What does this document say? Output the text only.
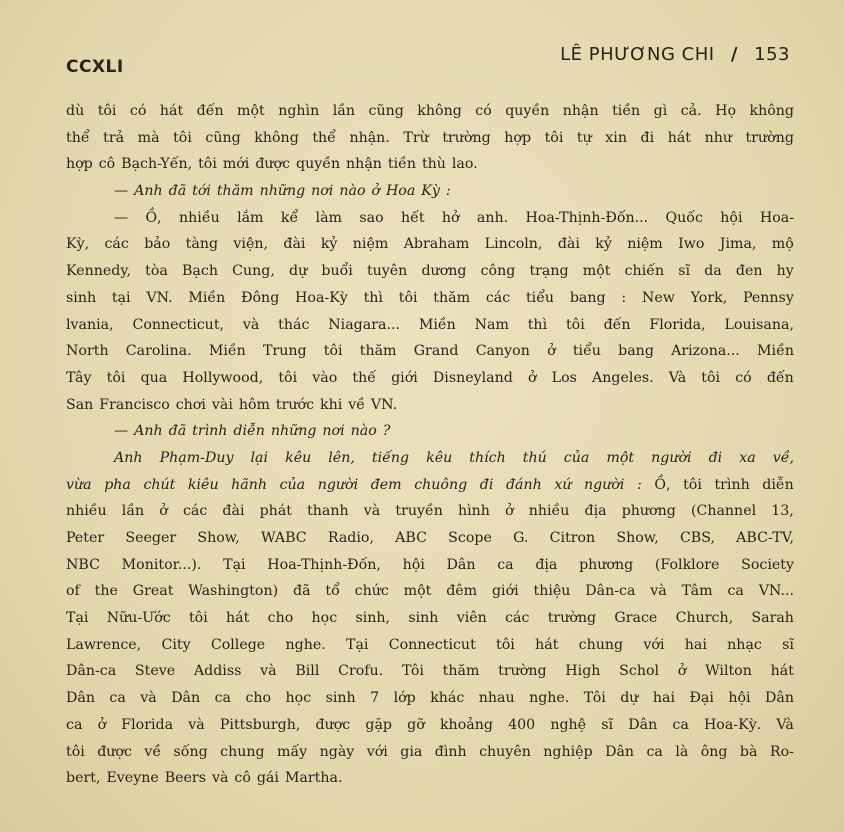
CCXLI
LÊ PHƯƠNG CHI / 153
dù tôi có hát đến một nghìn lần cũng không có quyền nhận tiền gì cả. Họ không
thể trả mà tôi cũng không thể nhận. Trừ trường hợp tôi tự xin đi hát như trường
hợp cô Bạch-Yến, tôi mới được quyền nhận tiền thù lao.
— Anh đã tới thăm những nơi nào ở Hoa Kỳ :
— Ồ, nhiều lắm kể làm sao hết hở anh. Hoa-Thịnh-Đốn... Quốc hội Hoa-
Kỳ, các bảo tàng viện, đài kỷ niệm Abraham Lincoln, đài kỷ niệm Iwo Jima, mộ
Kennedy, tòa Bạch Cung, dự buổi tuyên dương công trạng một chiến sĩ da đen hy
sinh tại VN. Miền Đông Hoa-Kỳ thì tôi thăm các tiểu bang : New York, Pennsy
lvania, Connecticut, và thác Niagara... Miền Nam thì tôi đến Florida, Louisana,
North Carolina. Miền Trung tôi thăm Grand Canyon ở tiểu bang Arizona... Miền
Tây tôi qua Hollywood, tôi vào thế giới Disneyland ở Los Angeles. Và tôi có đến
San Francisco chơi vài hôm trước khi về VN.
— Anh đã trình diễn những nơi nào ?
Anh Phạm-Duy lại kêu lên, tiếng kêu thích thú của một người đi xa về,
vừa pha chút kiêu hãnh của người đem chuông đi đánh xứ người : Ồ, tôi trình diễn
nhiều lần ở các đài phát thanh và truyền hình ở nhiều địa phương (Channel 13,
Peter Seeger Show, WABC Radio, ABC Scope G. Citron Show, CBS, ABC-TV,
NBC Monitor...). Tại Hoa-Thịnh-Đốn, hội Dân ca địa phương (Folklore Society
of the Great Washington) đã tổ chức một đêm giới thiệu Dân-ca và Tâm ca VN...
Tại Nữu-Ước tôi hát cho học sinh, sinh viên các trường Grace Church, Sarah
Lawrence, City College nghe. Tại Connecticut tôi hát chung với hai nhạc sĩ
Dân-ca Steve Addiss và Bill Crofu. Tôi thăm trường High Schol ở Wilton hát
Dân ca và Dân ca cho học sinh 7 lớp khác nhau nghe. Tôi dự hai Đại hội Dân
ca ở Florida và Pittsburgh, được gặp gỡ khoảng 400 nghệ sĩ Dân ca Hoa-Kỳ. Và
tôi được về sống chung mấy ngày với gia đình chuyên nghiệp Dân ca là ông bà Ro-
bert, Eveyne Beers và cô gái Martha.
